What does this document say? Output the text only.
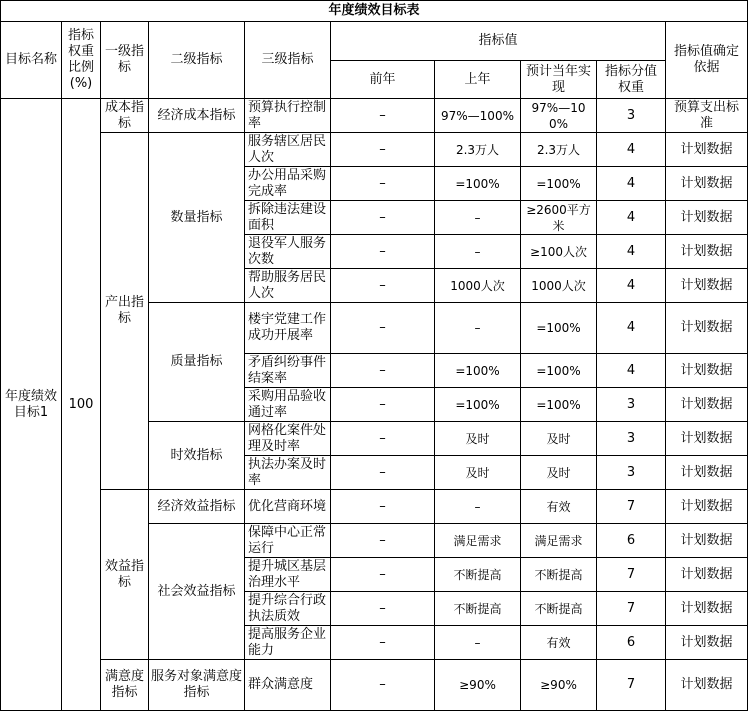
年度绩效目标表									
目标名称	指标权重比例(%)	一级指标	二级指标	三级指标	指标值				指标值确定依据
					前年	上年	预计当年实现	指标分值权重	
年度绩效目标1	100	成本指标	经济成本指标	预算执行控制率	–	97%—100%	97%—100%	3	预算支出标准
		产出指标	数量指标	服务辖区居民人次	–	2.3万人	2.3万人	4	计划数据
				办公用品采购完成率	–	=100%	=100%	4	计划数据
				拆除违法建设面积	–	–	≥2600平方米	4	计划数据
				退役军人服务次数	–	–	≥100人次	4	计划数据
				帮助服务居民人次	–	1000人次	1000人次	4	计划数据
			质量指标	楼宇党建工作成功开展率	–	–	=100%	4	计划数据
				矛盾纠纷事件结案率	–	=100%	=100%	4	计划数据
				采购用品验收通过率	–	=100%	=100%	3	计划数据
			时效指标	网格化案件处理及时率	–	及时	及时	3	计划数据
				执法办案及时率	–	及时	及时	3	计划数据
		效益指标	经济效益指标	优化营商环境	–	–	有效	7	计划数据
			社会效益指标	保障中心正常运行	–	满足需求	满足需求	6	计划数据
				提升城区基层治理水平	–	不断提高	不断提高	7	计划数据
				提升综合行政执法质效	–	不断提高	不断提高	7	计划数据
				提高服务企业能力	–	–	有效	6	计划数据
		满意度指标	服务对象满意度指标	群众满意度	–	≥90%	≥90%	7	计划数据
